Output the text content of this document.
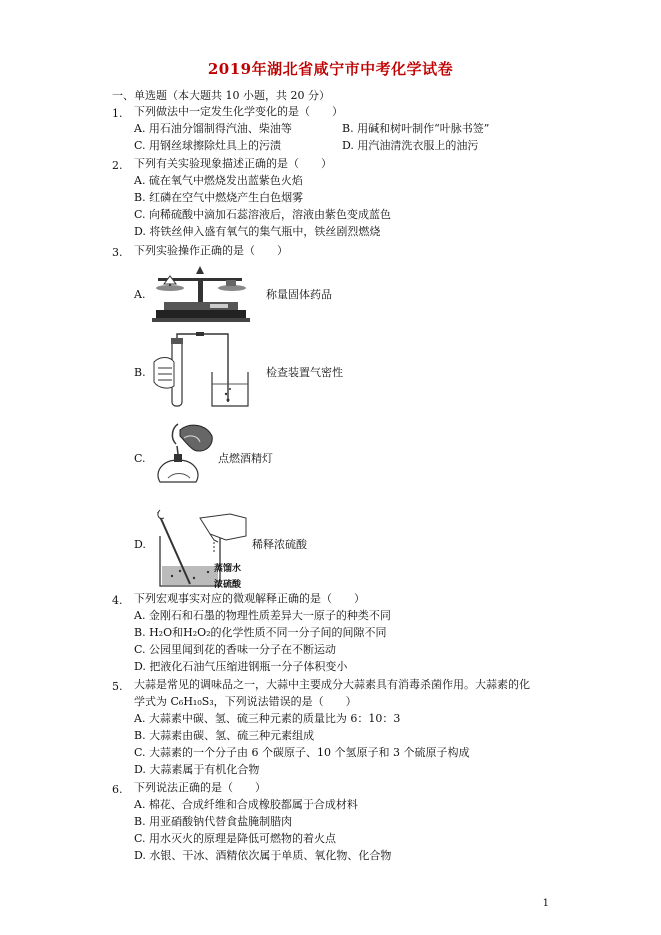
2019年湖北省咸宁市中考化学试卷
一、单选题（本大题共 10 小题，共 20 分）
1. 下列做法中一定发生化学变化的是（　　）
A. 用石油分馏制得汽油、柴油等	B. 用碱和树叶制作“叶脉书签”
C. 用钢丝球擦除灶具上的污渍	D. 用汽油清洗衣服上的油污
2. 下列有关实验现象描述正确的是（　　）
A. 硫在氧气中燃烧发出蓝紫色火焰
B. 红磷在空气中燃烧产生白色烟雾
C. 向稀硫酸中滴加石蕊溶液后，溶液由紫色变成蓝色
D. 将铁丝伸入盛有氧气的集气瓶中，铁丝剧烈燃烧
3. 下列实验操作正确的是（　　）
A.	称量固体药品
B.	检查装置气密性
C.	点燃酒精灯
D.
蒸馏水
浓硫酸
稀释浓硫酸
4. 下列宏观事实对应的微观解释正确的是（　　）
A. 金刚石和石墨的物理性质差异大一原子的种类不同
B. H₂O和H₂O₂的化学性质不同一分子间的间隙不同
C. 公园里闻到花的香味一分子在不断运动
D. 把液化石油气压缩进钢瓶一分子体积变小
5. 大蒜是常见的调味品之一，大蒜中主要成分大蒜素具有消毒杀菌作用。大蒜素的化
学式为 C₆H₁₀S₃，下列说法错误的是（　　）
A. 大蒜素中碳、氢、硫三种元素的质量比为 6：10：3
B. 大蒜素由碳、氢、硫三种元素组成
C. 大蒜素的一个分子由 6 个碳原子、10 个氢原子和 3 个硫原子构成
D. 大蒜素属于有机化合物
6. 下列说法正确的是（　　）
A. 棉花、合成纤维和合成橡胶都属于合成材料
B. 用亚硝酸钠代替食盐腌制腊肉
C. 用水灭火的原理是降低可燃物的着火点
D. 水银、干冰、酒精依次属于单质、氧化物、化合物
1
